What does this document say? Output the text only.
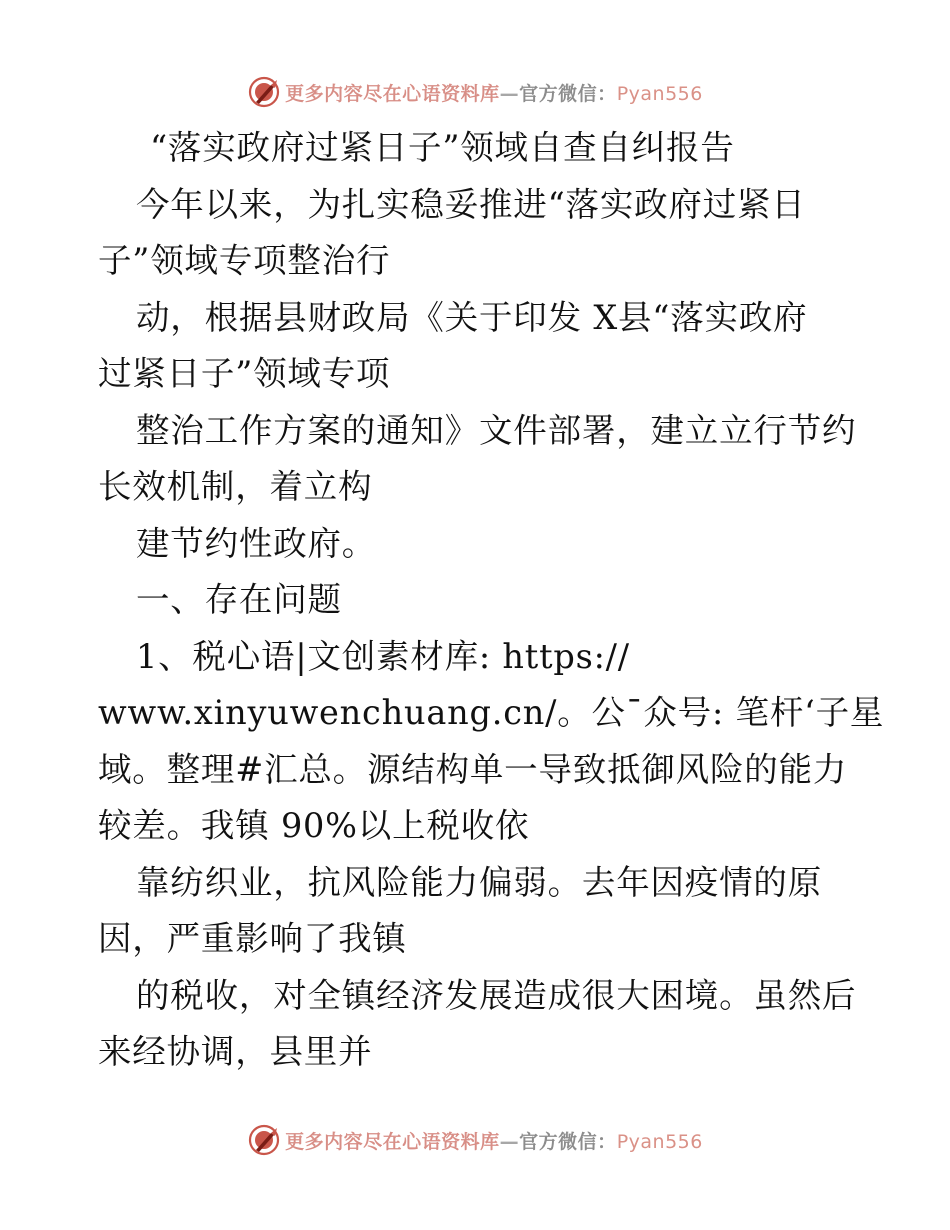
更多内容尽在心语资料库—官方微信：Pyan556
“落实政府过紧日子”领域自查自纠报告
今年以来，为扎实稳妥推进“落实政府过紧日
子”领域专项整治行
动，根据县财政局《关于印发 X县“落实政府
过紧日子”领域专项
整治工作方案的通知》文件部署，建立立行节约
长效机制，着立构
建节约性政府。
一、存在问题
1、税心语|文创素材库: https://
www.xinyuwenchuang.cn/。公¯众号: 笔杆‘子星
域。整理#汇总。源结构单一导致抵御风险的能力
较差。我镇 90%以上税收依
靠纺织业，抗风险能力偏弱。去年因疫情的原
因，严重影响了我镇
的税收，对全镇经济发展造成很大困境。虽然后
来经协调，县里并
更多内容尽在心语资料库—官方微信：Pyan556
